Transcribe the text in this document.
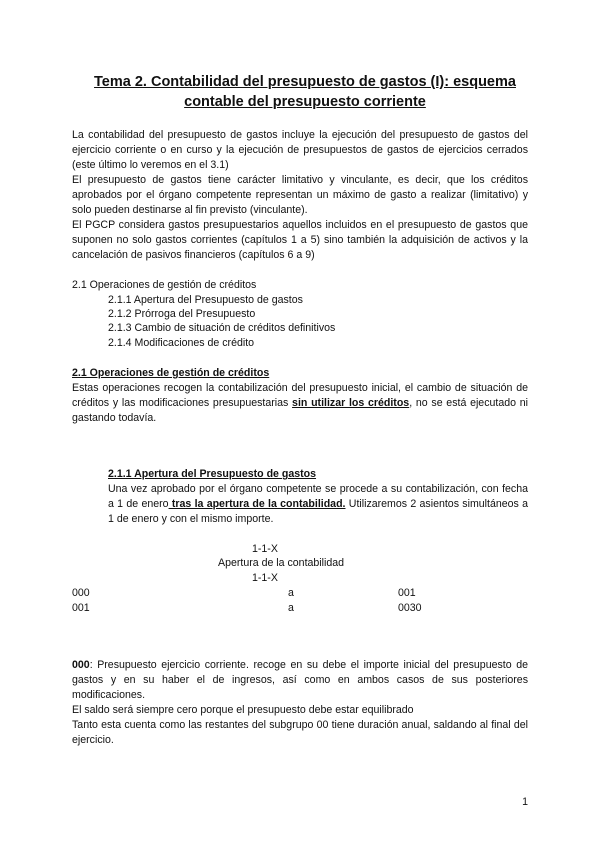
Tema 2. Contabilidad del presupuesto de gastos (I): esquema
contable del presupuesto corriente
La contabilidad del presupuesto de gastos incluye la ejecución del presupuesto de gastos del ejercicio corriente o en curso y la ejecución de presupuestos de gastos de ejercicios cerrados (este último lo veremos en el 3.1)
El presupuesto de gastos tiene carácter limitativo y vinculante, es decir, que los créditos aprobados por el órgano competente representan un máximo de gasto a realizar (limitativo) y solo pueden destinarse al fin previsto (vinculante).
El PGCP considera gastos presupuestarios aquellos incluidos en el presupuesto de gastos que suponen no solo gastos corrientes (capítulos 1 a 5) sino también la adquisición de activos y la cancelación de pasivos financieros (capítulos 6 a 9)
2.1 Operaciones de gestión de créditos
2.1.1 Apertura del Presupuesto de gastos
2.1.2 Prórroga del Presupuesto
2.1.3 Cambio de situación de créditos definitivos
2.1.4 Modificaciones de crédito
2.1 Operaciones de gestión de créditos
Estas operaciones recogen la contabilización del presupuesto inicial, el cambio de situación de créditos y las modificaciones presupuestarias sin utilizar los créditos, no se está ejecutado ni gastando todavía.
2.1.1 Apertura del Presupuesto de gastos
Una vez aprobado por el órgano competente se procede a su contabilización, con fecha a 1 de enero tras la apertura de la contabilidad. Utilizaremos 2 asientos simultáneos a 1 de enero y con el mismo importe.
1-1-X
Apertura de la contabilidad
1-1-X
000	a	001
001	a	0030
000: Presupuesto ejercicio corriente. recoge en su debe el importe inicial del presupuesto de gastos y en su haber el de ingresos, así como en ambos casos de sus posteriores modificaciones.
El saldo será siempre cero porque el presupuesto debe estar equilibrado
Tanto esta cuenta como las restantes del subgrupo 00 tiene duración anual, saldando al final del ejercicio.
1
